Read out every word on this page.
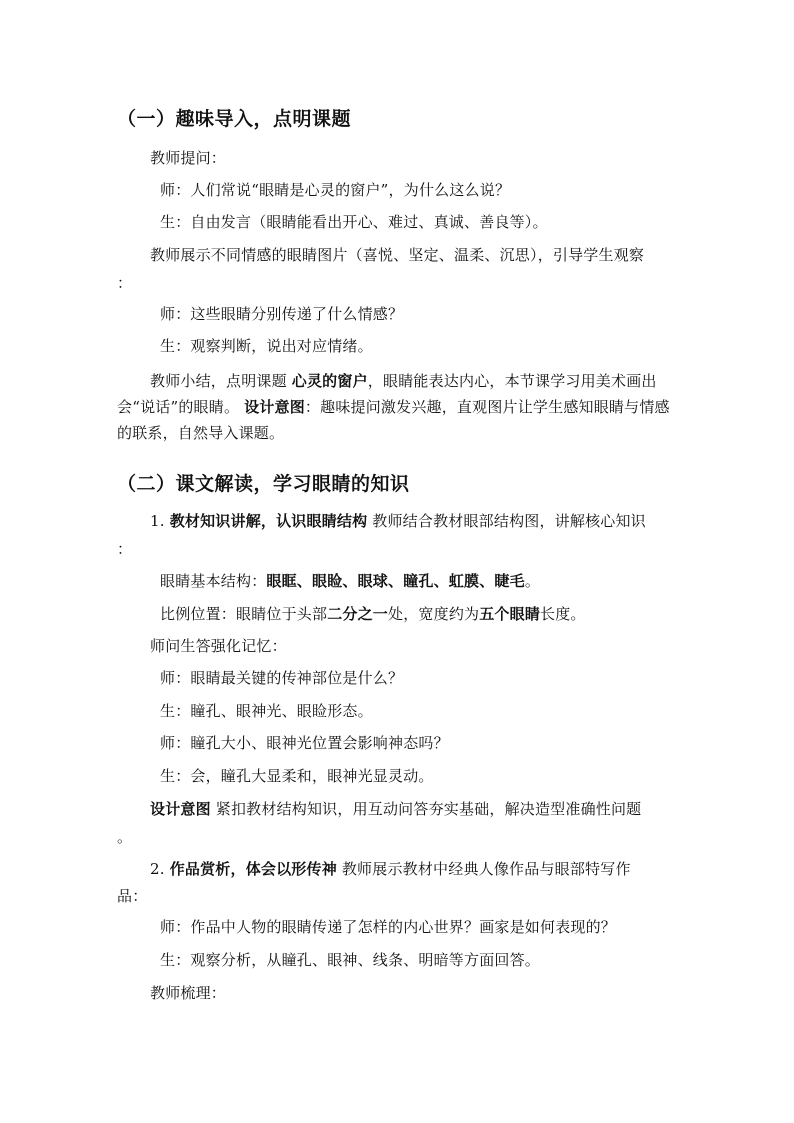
（一）趣味导入，点明课题
教师提问：
师：人们常说“眼睛是心灵的窗户”，为什么这么说？
生：自由发言（眼睛能看出开心、难过、真诚、善良等）。
教师展示不同情感的眼睛图片（喜悦、坚定、温柔、沉思），引导学生观察
：
师：这些眼睛分别传递了什么情感？
生：观察判断，说出对应情绪。
教师小结，点明课题 心灵的窗户，眼睛能表达内心，本节课学习用美术画出会“说话”的眼睛。 设计意图：趣味提问激发兴趣，直观图片让学生感知眼睛与情感的联系，自然导入课题。
（二）课文解读，学习眼睛的知识
1. 教材知识讲解，认识眼睛结构 教师结合教材眼部结构图，讲解核心知识
：
眼睛基本结构：眼眶、眼睑、眼球、瞳孔、虹膜、睫毛。
比例位置：眼睛位于头部二分之一处，宽度约为五个眼睛长度。
师问生答强化记忆：
师：眼睛最关键的传神部位是什么？
生：瞳孔、眼神光、眼睑形态。
师：瞳孔大小、眼神光位置会影响神态吗？
生：会，瞳孔大显柔和，眼神光显灵动。
设计意图 紧扣教材结构知识，用互动问答夯实基础，解决造型准确性问题
。
2. 作品赏析，体会以形传神 教师展示教材中经典人像作品与眼部特写作
品：
师：作品中人物的眼睛传递了怎样的内心世界？画家是如何表现的？
生：观察分析，从瞳孔、眼神、线条、明暗等方面回答。
教师梳理：
